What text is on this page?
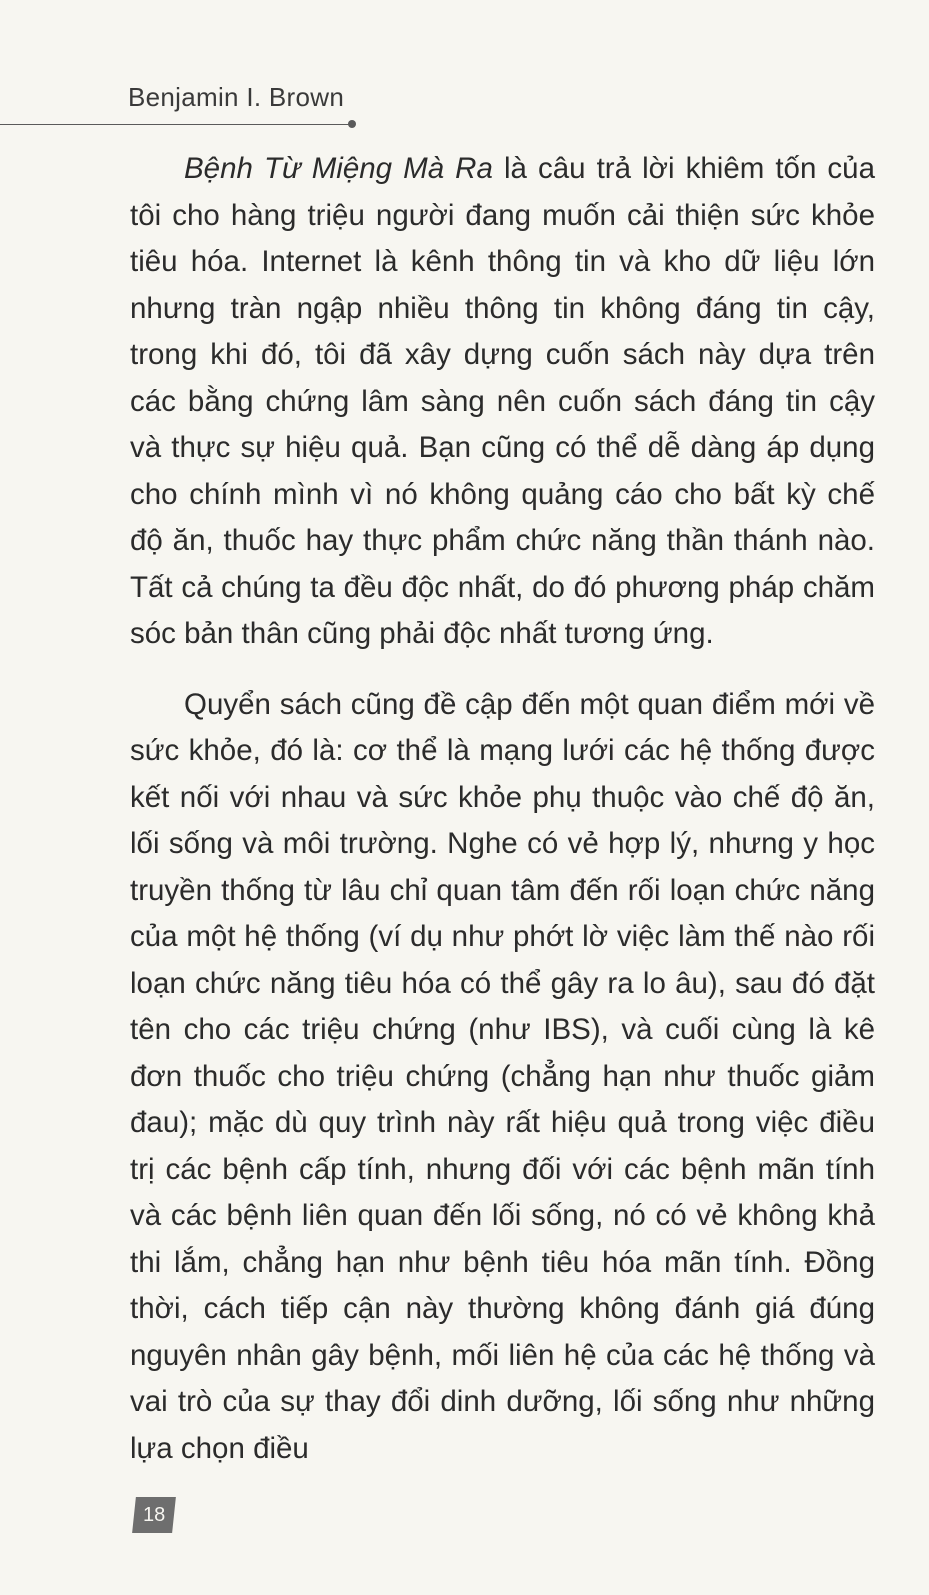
Benjamin I. Brown

Bệnh Từ Miệng Mà Ra là câu trả lời khiêm tốn của tôi cho hàng triệu người đang muốn cải thiện sức khỏe tiêu hóa. Internet là kênh thông tin và kho dữ liệu lớn nhưng tràn ngập nhiều thông tin không đáng tin cậy, trong khi đó, tôi đã xây dựng cuốn sách này dựa trên các bằng chứng lâm sàng nên cuốn sách đáng tin cậy và thực sự hiệu quả. Bạn cũng có thể dễ dàng áp dụng cho chính mình vì nó không quảng cáo cho bất kỳ chế độ ăn, thuốc hay thực phẩm chức năng thần thánh nào. Tất cả chúng ta đều độc nhất, do đó phương pháp chăm sóc bản thân cũng phải độc nhất tương ứng.

Quyển sách cũng đề cập đến một quan điểm mới về sức khỏe, đó là: cơ thể là mạng lưới các hệ thống được kết nối với nhau và sức khỏe phụ thuộc vào chế độ ăn, lối sống và môi trường. Nghe có vẻ hợp lý, nhưng y học truyền thống từ lâu chỉ quan tâm đến rối loạn chức năng của một hệ thống (ví dụ như phớt lờ việc làm thế nào rối loạn chức năng tiêu hóa có thể gây ra lo âu), sau đó đặt tên cho các triệu chứng (như IBS), và cuối cùng là kê đơn thuốc cho triệu chứng (chẳng hạn như thuốc giảm đau); mặc dù quy trình này rất hiệu quả trong việc điều trị các bệnh cấp tính, nhưng đối với các bệnh mãn tính và các bệnh liên quan đến lối sống, nó có vẻ không khả thi lắm, chẳng hạn như bệnh tiêu hóa mãn tính. Đồng thời, cách tiếp cận này thường không đánh giá đúng nguyên nhân gây bệnh, mối liên hệ của các hệ thống và vai trò của sự thay đổi dinh dưỡng, lối sống như những lựa chọn điều

18
